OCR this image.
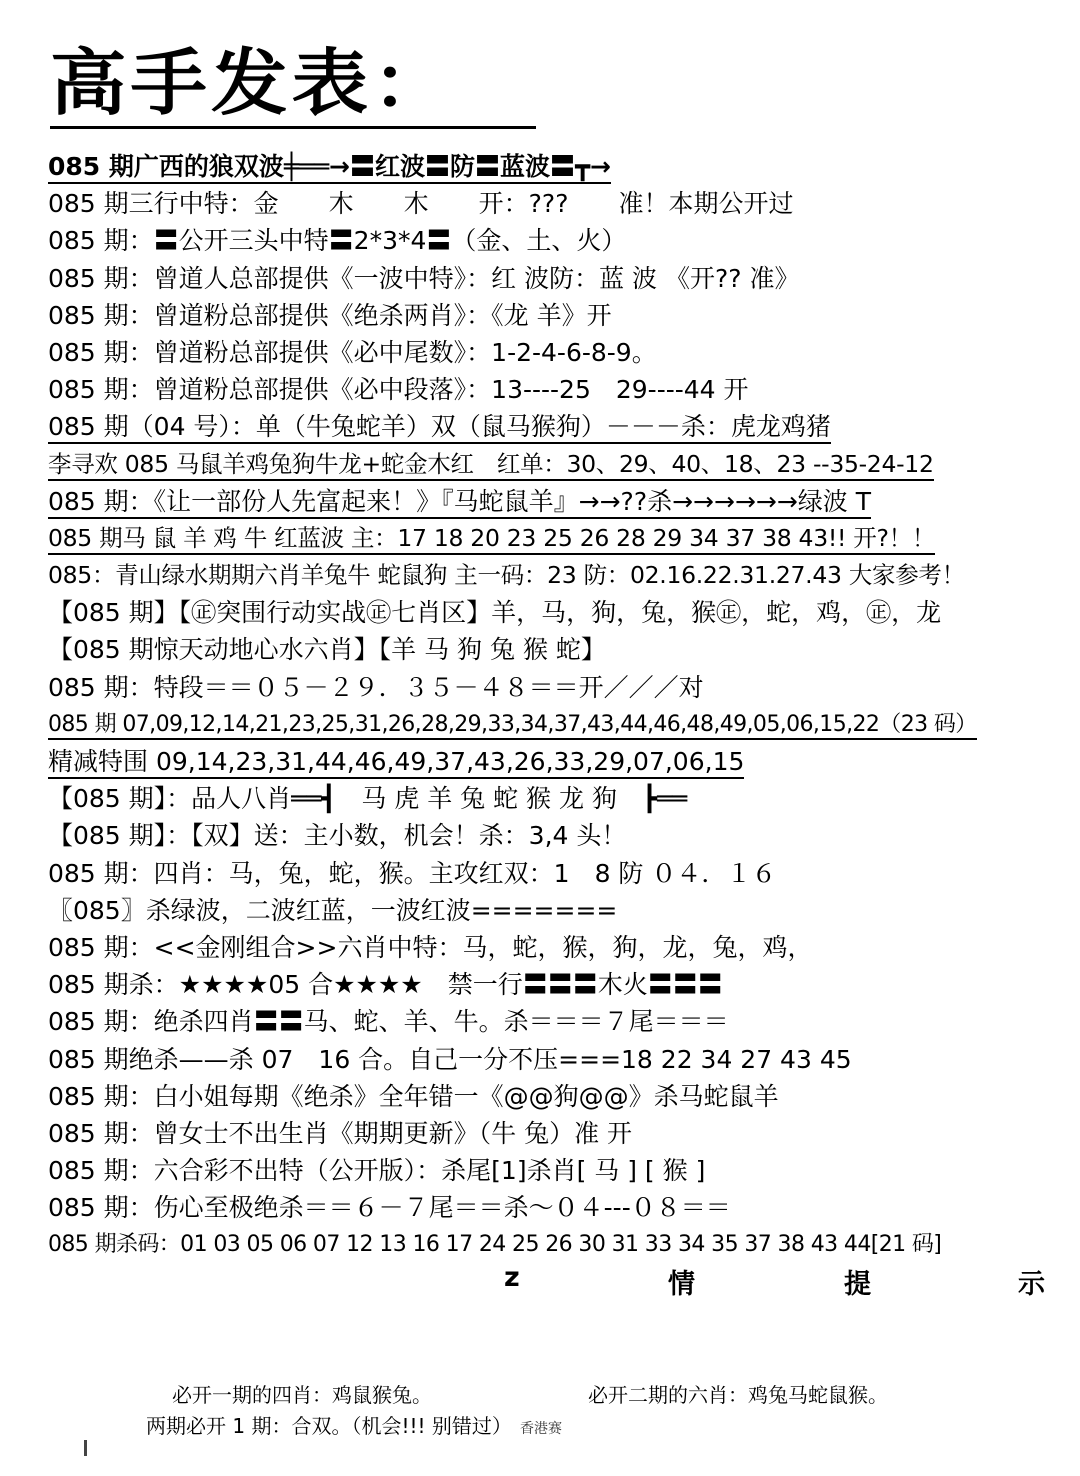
高手发表：
085 期广西的狼双波╪══→〓红波〓防〓蓝波〓┳→
085 期三行中特：金　　木　　木　　开：???　　准！本期公开过
085 期：〓公开三头中特〓2*3*4〓（金、土、火）
085 期：曾道人总部提供《一波中特》：红 波防：蓝 波 《开?? 准》
085 期：曾道粉总部提供《绝杀两肖》：《龙 羊》开
085 期：曾道粉总部提供《必中尾数》：1-2-4-6-8-9。
085 期：曾道粉总部提供《必中段落》：13----25　29----44 开
085 期（04 号）：单（牛兔蛇羊）双（鼠马猴狗）－－－杀：虎龙鸡猪
李寻欢 085 马鼠羊鸡兔狗牛龙+蛇金木红　红单：30、29、40、18、23 --35-24-12
085 期：《让一部份人先富起来！》『马蛇鼠羊』→→??杀→→→→→→绿波 T
085 期马 鼠 羊 鸡 牛 红蓝波 主：17 18 20 23 25 26 28 29 34 37 38 43!! 开?！！
085：青山绿水期期六肖羊兔牛 蛇鼠狗 主一码：23 防：02.16.22.31.27.43 大家参考！
【085 期】【㊣突围行动实战㊣七肖区】羊，马，狗，兔，猴㊣，蛇，鸡，㊣，龙
【085 期惊天动地心水六肖】【羊 马 狗 兔 猴 蛇】
085 期：特段＝＝０５－２９．３５－４８＝＝开／／／对
085 期 07,09,12,14,21,23,25,31,26,28,29,33,34,37,43,44,46,48,49,05,06,15,22（23 码）
精减特围 09,14,23,31,44,46,49,37,43,26,33,29,07,06,15
【085 期】：品人八肖══┫　马 虎 羊 兔 蛇 猴 龙 狗　┣══
【085 期】：【双】送：主小数，机会！杀：3,4 头！
085 期：四肖：马，兔，蛇，猴。主攻红双：1　8 防 ０４．１６
〖085〗杀绿波，二波红蓝，一波红波=======
085 期：<<金刚组合>>六肖中特：马，蛇，猴，狗，龙，兔，鸡，
085 期杀：★★★★05 合★★★★　禁一行〓〓〓木火〓〓〓
085 期：绝杀四肖〓〓马、蛇、羊、牛。杀＝＝＝７尾＝＝＝
085 期绝杀——杀 07　16 合。自己一分不压===18 22 34 27 43 45
085 期：白小姐每期《绝杀》全年错一《@@狗@@》杀马蛇鼠羊
085 期：曾女士不出生肖《期期更新》（牛 兔）准 开
085 期：六合彩不出特（公开版）：杀尾[1]杀肖[ 马 ] [ 猴 ]
085 期：伤心至极绝杀＝＝６－７尾＝＝杀～０４---０８＝＝
085 期杀码：01 03 05 06 07 12 13 16 17 24 25 26 30 31 33 34 35 37 38 43 44[21 码]
z	情	提	示
必开一期的四肖：鸡鼠猴兔。	必开二期的六肖：鸡兔马蛇鼠猴。
两期必开 1 期：合双。（机会!!! 别错过） 香港赛
